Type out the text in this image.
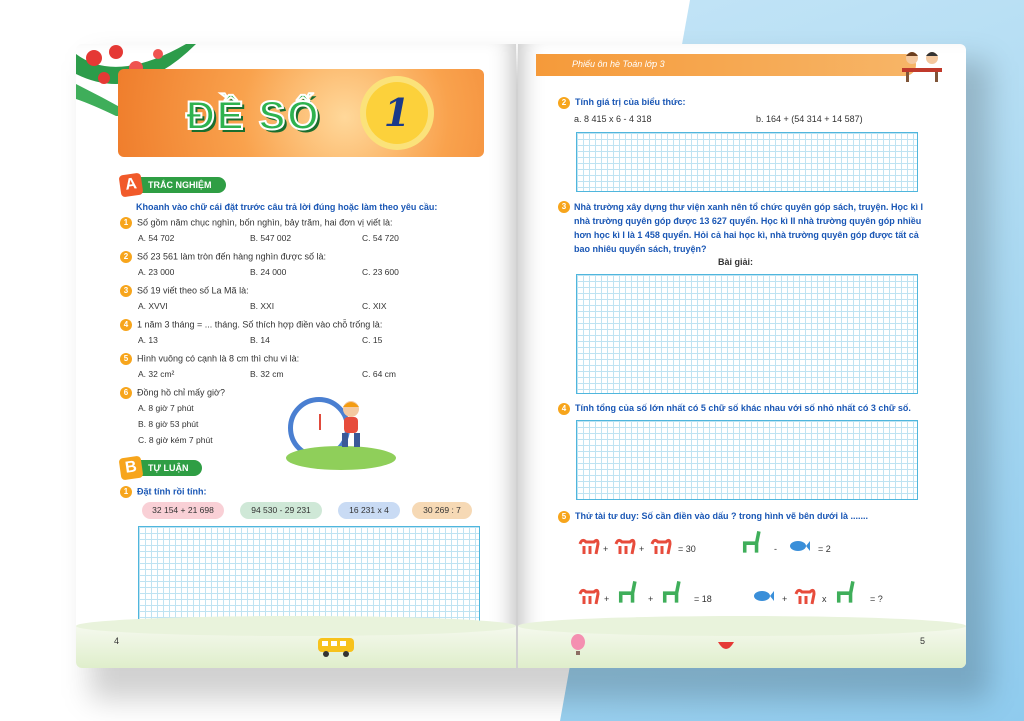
ĐỀ SỐ	1
A	TRẮC NGHIỆM
Khoanh vào chữ cái đặt trước câu trả lời đúng hoặc làm theo yêu cầu:
B	TỰ LUẬN
1 Đặt tính rồi tính:
32 154 + 21 698	94 530 - 29 231	16 231 x 4	30 269 : 7
4
1 Số gồm năm chục nghìn, bốn nghìn, bảy trăm, hai đơn vị viết là:
A. 54 702	B. 547 002	C. 54 720
2 Số 23 561 làm tròn đến hàng nghìn được số là:
A. 23 000	B. 24 000	C. 23 600
3 Số 19 viết theo số La Mã là:
A. XVVI	B. XXI	C. XIX
4 1 năm 3 tháng = ... tháng. Số thích hợp điền vào chỗ trống là:
A. 13	B. 14	C. 15
5 Hình vuông có cạnh là 8 cm thì chu vi là:
A. 32 cm²	B. 32 cm	C. 64 cm
6 Đồng hồ chỉ mấy giờ?
A. 8 giờ 7 phút
B. 8 giờ 53 phút
C. 8 giờ kém 7 phút
Phiếu ôn hè Toán lớp 3
2 Tính giá trị của biểu thức:
a. 8 415 x 6 - 4 318	b. 164 + (54 314 + 14 587)
3 Nhà trường xây dựng thư viện xanh nên tổ chức quyên góp sách, truyện. Học kì I
nhà trường quyên góp được 13 627 quyển. Học kì II nhà trường quyên góp nhiều
hơn học kì I là 1 458 quyển. Hỏi cả hai học kì, nhà trường quyên góp được tất cả
bao nhiêu quyển sách, truyện?
Bài giải:
4 Tính tổng của số lớn nhất có 5 chữ số khác nhau với số nhỏ nhất có 3 chữ số.
5 Thử tài tư duy: Số cần điền vào dấu ? trong hình vẽ bên dưới là .......
+	+	= 30	-	= 2
+	+	= 18	+	x	= ?
5
